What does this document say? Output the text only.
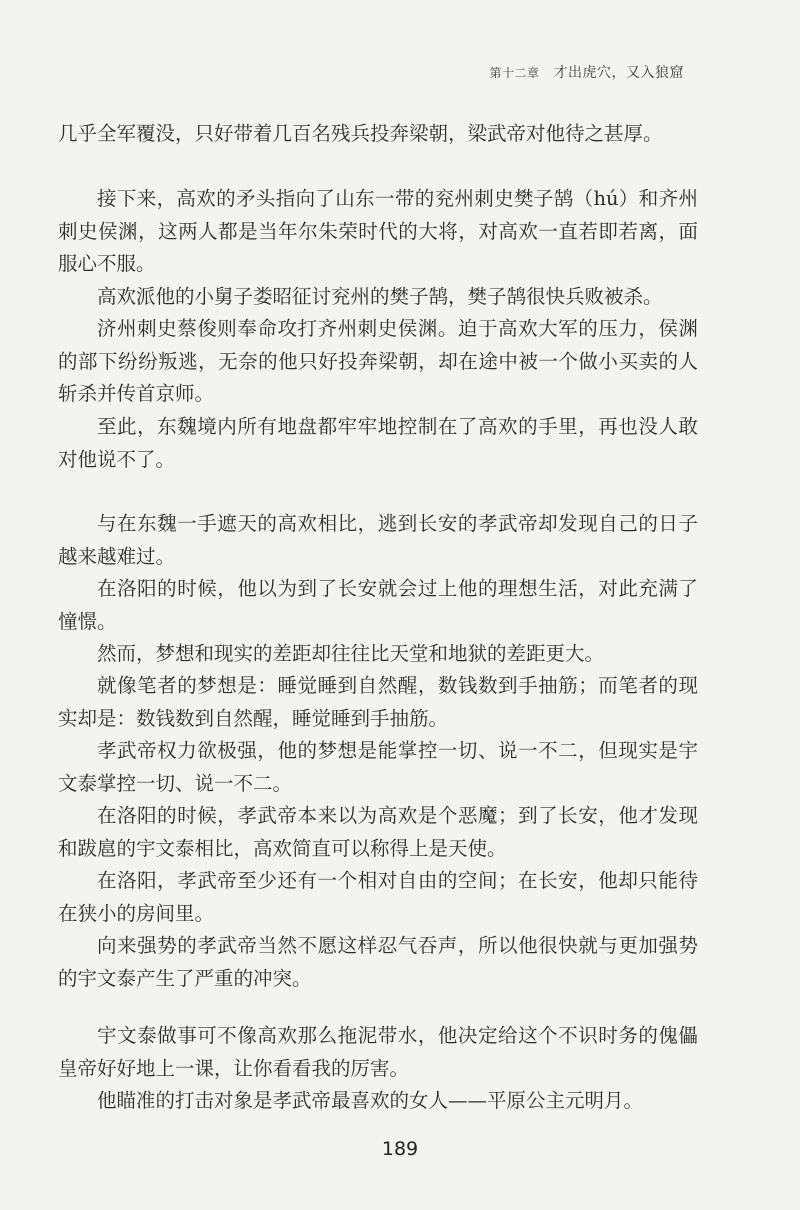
第十二章 才出虎穴，又入狼窟

几乎全军覆没，只好带着几百名残兵投奔梁朝，梁武帝对他待之甚厚。

接下来，高欢的矛头指向了山东一带的兖州刺史樊子鹄（hú）和齐州刺史侯渊，这两人都是当年尔朱荣时代的大将，对高欢一直若即若离，面服心不服。

高欢派他的小舅子娄昭征讨兖州的樊子鹄，樊子鹄很快兵败被杀。

济州刺史蔡俊则奉命攻打齐州刺史侯渊。迫于高欢大军的压力，侯渊的部下纷纷叛逃，无奈的他只好投奔梁朝，却在途中被一个做小买卖的人斩杀并传首京师。

至此，东魏境内所有地盘都牢牢地控制在了高欢的手里，再也没人敢对他说不了。

与在东魏一手遮天的高欢相比，逃到长安的孝武帝却发现自己的日子越来越难过。

在洛阳的时候，他以为到了长安就会过上他的理想生活，对此充满了憧憬。

然而，梦想和现实的差距却往往比天堂和地狱的差距更大。

就像笔者的梦想是：睡觉睡到自然醒，数钱数到手抽筋；而笔者的现实却是：数钱数到自然醒，睡觉睡到手抽筋。

孝武帝权力欲极强，他的梦想是能掌控一切、说一不二，但现实是宇文泰掌控一切、说一不二。

在洛阳的时候，孝武帝本来以为高欢是个恶魔；到了长安，他才发现和跋扈的宇文泰相比，高欢简直可以称得上是天使。

在洛阳，孝武帝至少还有一个相对自由的空间；在长安，他却只能待在狭小的房间里。

向来强势的孝武帝当然不愿这样忍气吞声，所以他很快就与更加强势的宇文泰产生了严重的冲突。

宇文泰做事可不像高欢那么拖泥带水，他决定给这个不识时务的傀儡皇帝好好地上一课，让你看看我的厉害。

他瞄准的打击对象是孝武帝最喜欢的女人——平原公主元明月。

189
